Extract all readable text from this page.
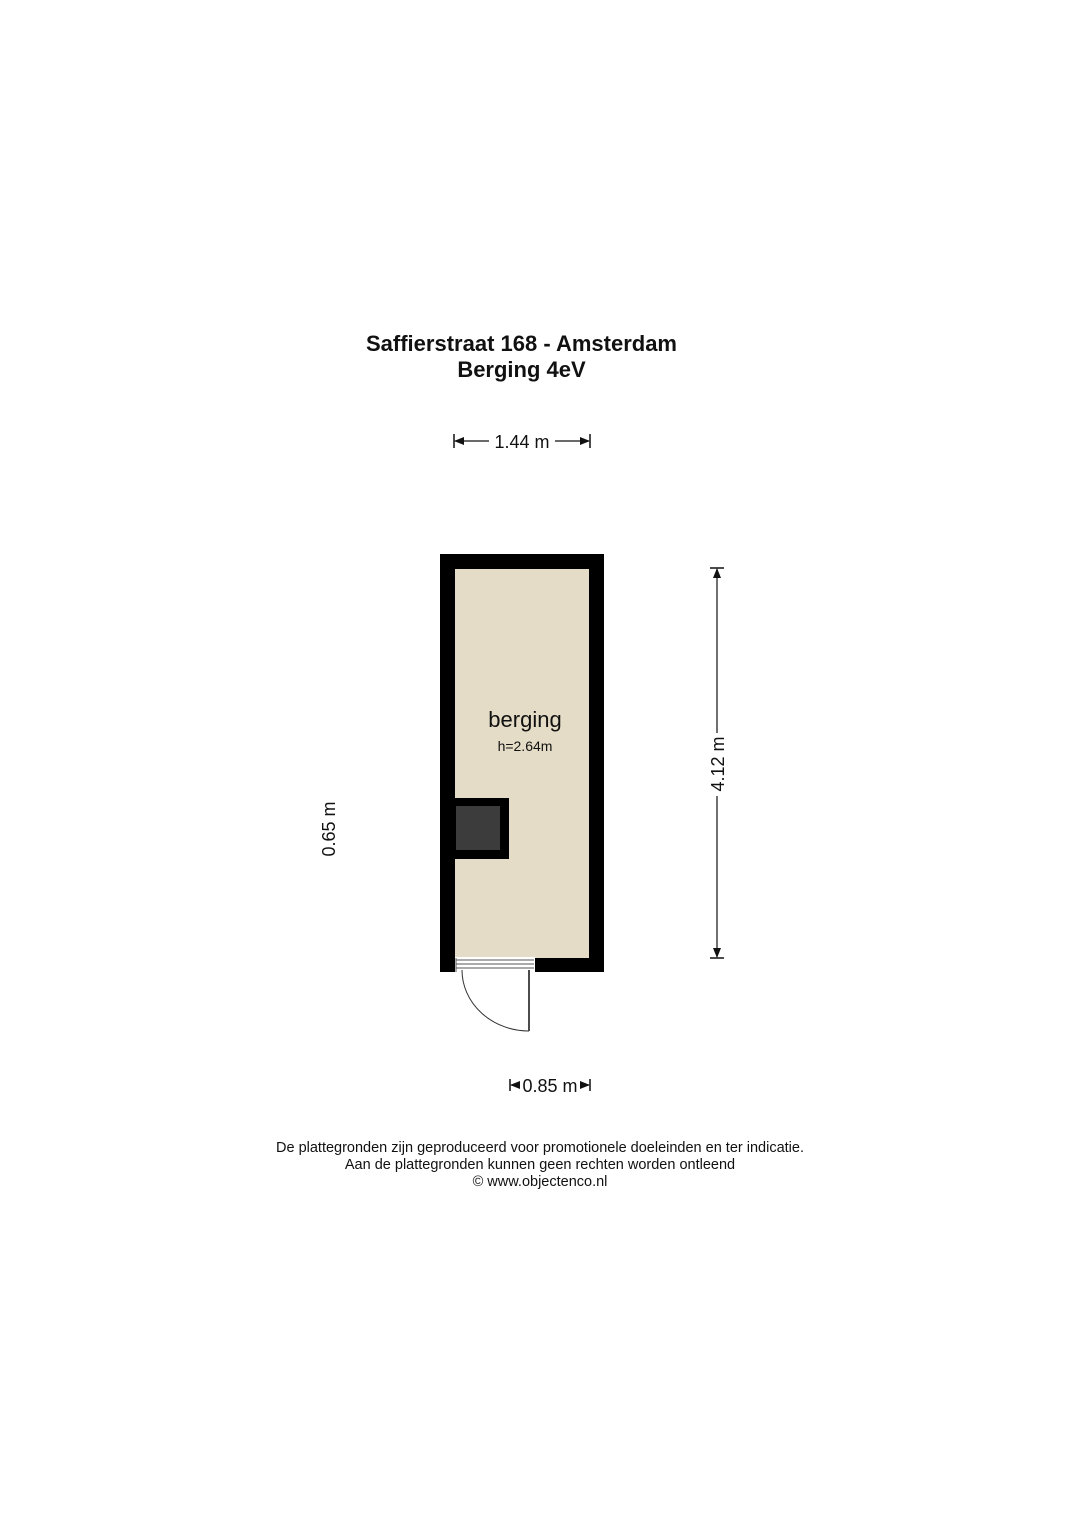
Saffierstraat 168 - Amsterdam
Berging 4eV
1.44 m
berging
h=2.64m	4.12 m
0.65 m
0.85 m
De plattegronden zijn geproduceerd voor promotionele doeleinden en ter indicatie.
Aan de plattegronden kunnen geen rechten worden ontleend
© www.objectenco.nl
